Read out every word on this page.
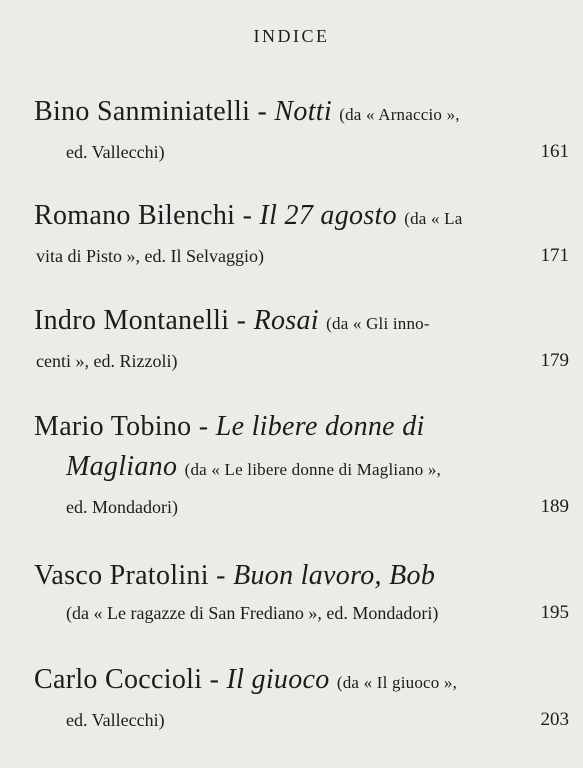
INDICE
Bino Sanminiatelli - Notti (da « Arnaccio »,
ed. Vallecchi)	161
Romano Bilenchi - Il 27 agosto (da « La
vita di Pisto », ed. Il Selvaggio)	171
Indro Montanelli - Rosai (da « Gli inno-
centi », ed. Rizzoli)	179
Mario Tobino - Le libere donne di
Magliano (da « Le libere donne di Magliano »,
ed. Mondadori)	189
Vasco Pratolini - Buon lavoro, Bob
(da « Le ragazze di San Frediano », ed. Mondadori)	195
Carlo Coccioli - Il giuoco (da « Il giuoco »,
ed. Vallecchi)	203
